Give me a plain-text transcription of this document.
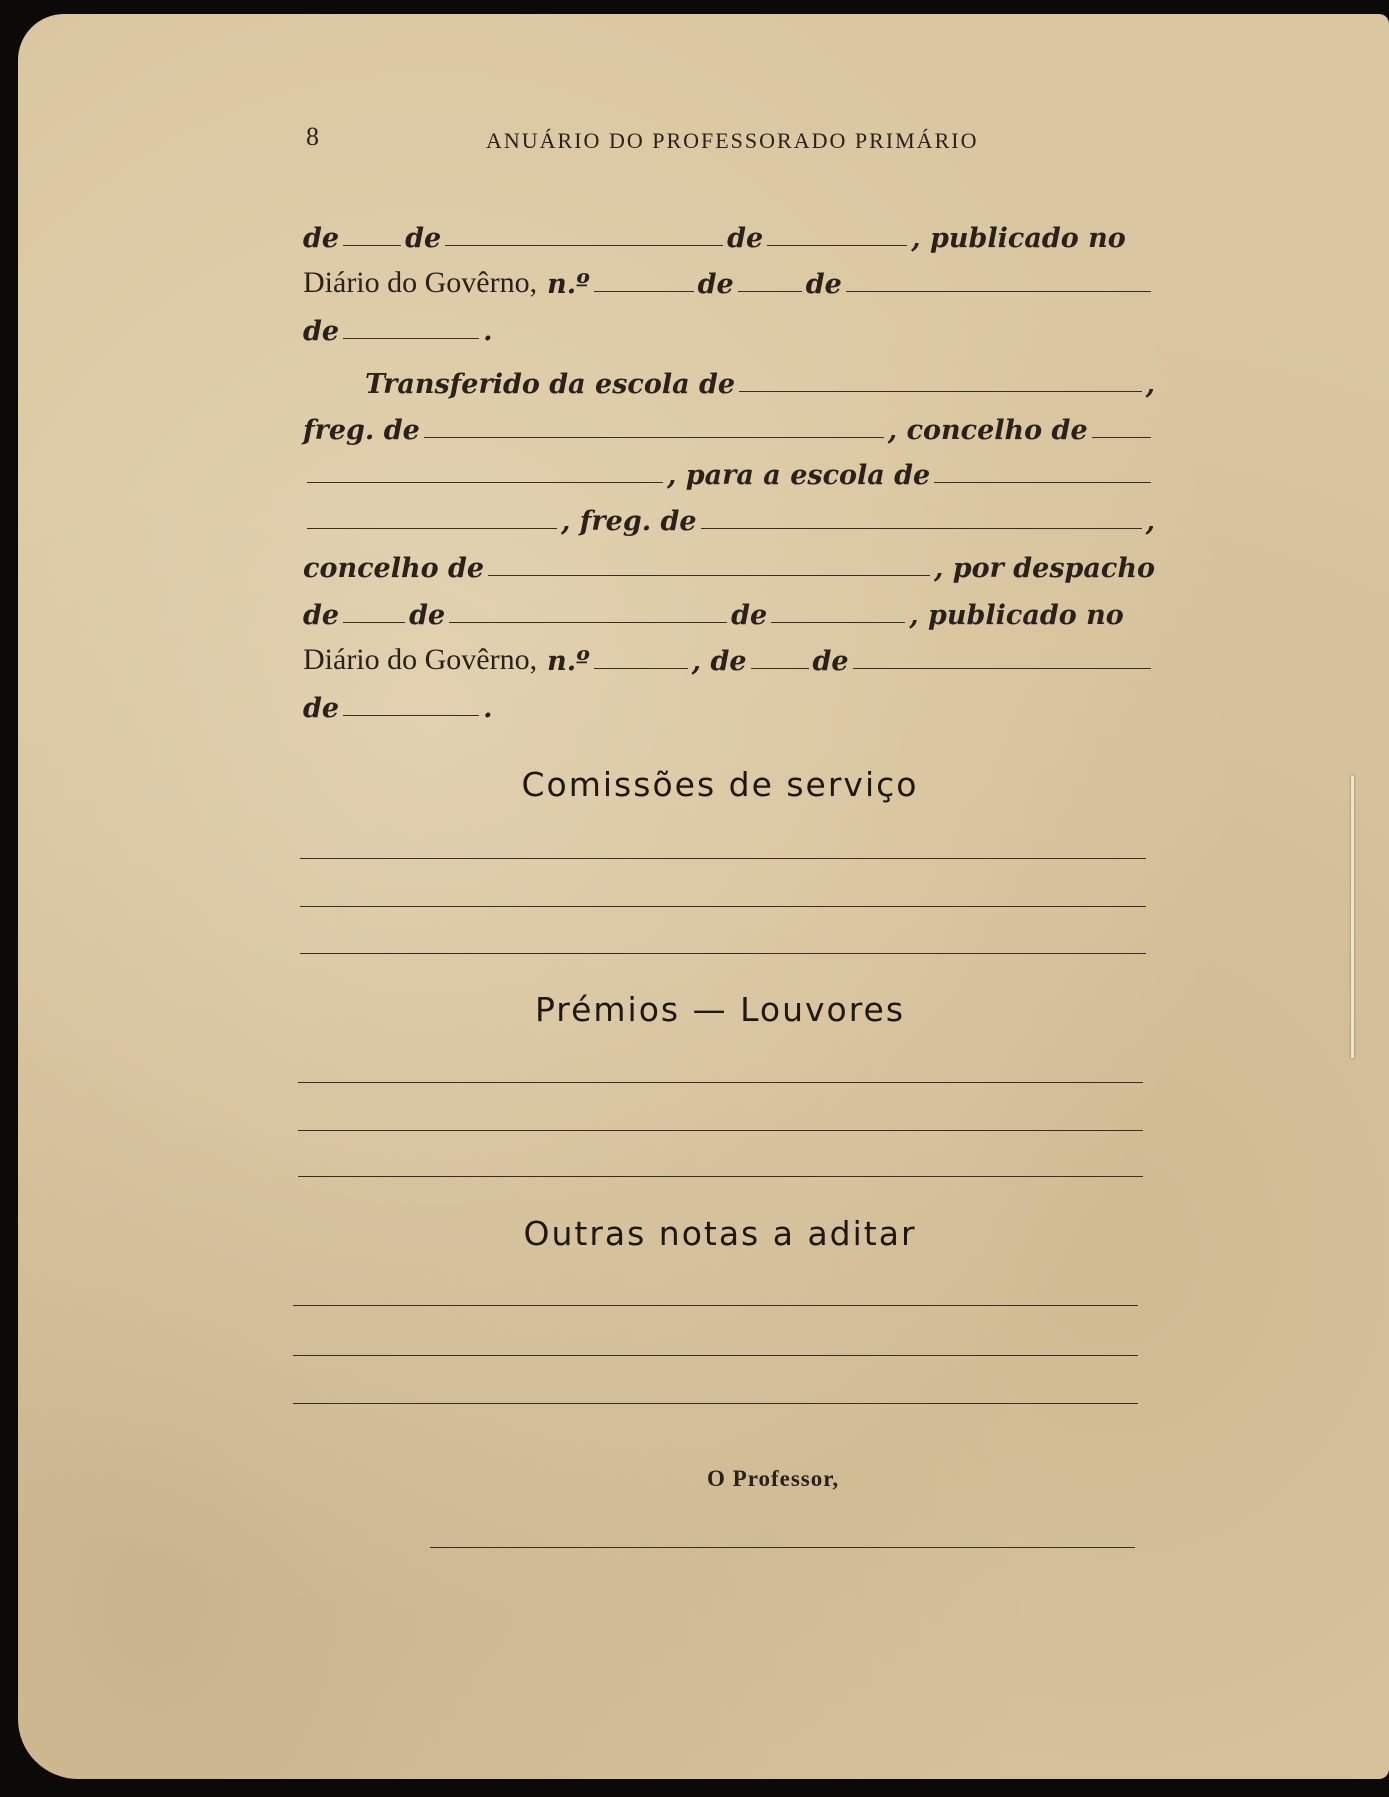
8	ANUÁRIO DO PROFESSORADO PRIMÁRIO
de de	de	, publicado no
Diário do Govêrno, n.º	de	de
de	.
Transferido da escola de	,
freg. de	, concelho de
, para a escola de
, freg. de	,
concelho de	, por despacho
de	de	de	, publicado no
Diário do Govêrno, n.º	, de de
de	.
Comissões de serviço
Prémios — Louvores
Outras notas a aditar
O Professor,
